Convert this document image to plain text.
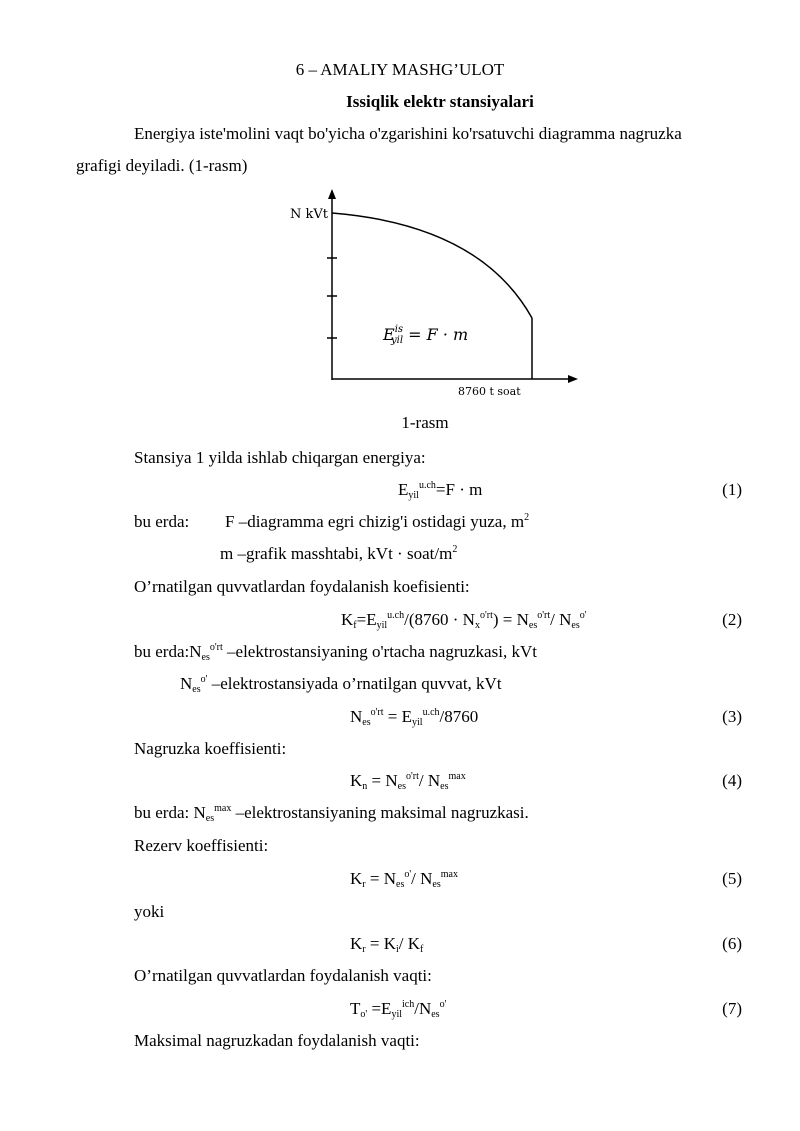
6 – AMALIY MASHG’ULOT
Issiqlik elektr stansiyalari
Energiya iste'molini vaqt bo'yicha o'zgarishini ko'rsatuvchi diagramma nagruzka
grafigi deyiladi. (1-rasm)
N kVt
8760 t soat
$E^{is}$ yil = F · m
1-rasm
Stansiya 1 yilda ishlab chiqargan energiya:
$E_{yil}^{u.ch}=F \cdot m$	(1)
bu erda: F –diagramma egri chizig'i ostidagi yuza, $m^2$
m –grafik masshtabi, kVt · soat/$m^2$
O’rnatilgan quvvatlardan foydalanish koefisienti:
$K_f=E_{yil}^{u.ch}/(8760 \cdot N_x^{o'rt}) = N_{es}^{o'rt}/$ $N_{es}^{o'}$	(2)
bu $erda:N_{es}^{o'rt}$ –elektrostansiyaning o'rtacha nagruzkasi, kVt
$N_{es}^{o'}$ –elektrostansiyada o’rnatilgan quvvat, kVt
$N_{es}^{o'rt} = E_{yil}^{u.ch}/8760$	(3)
Nagruzka koeffisienti:
$K_n = N_{es}^{o'rt}/$ $N_{es}^{max}$	(4)
bu erda: $N_{es}^{max}$ –elektrostansiyaning maksimal nagruzkasi.
Rezerv koeffisienti:
$K_r = N_{es}^{o'}/$ $N_{es}^{max}$	(5)
yoki
$K_r = K_i/$ $K_f$	(6)
O’rnatilgan quvvatlardan foydalanish vaqti:
$T_{o'} =E_{yil}^{ich}/N_{es}^{o'}$	(7)
Maksimal nagruzkadan foydalanish vaqti:
